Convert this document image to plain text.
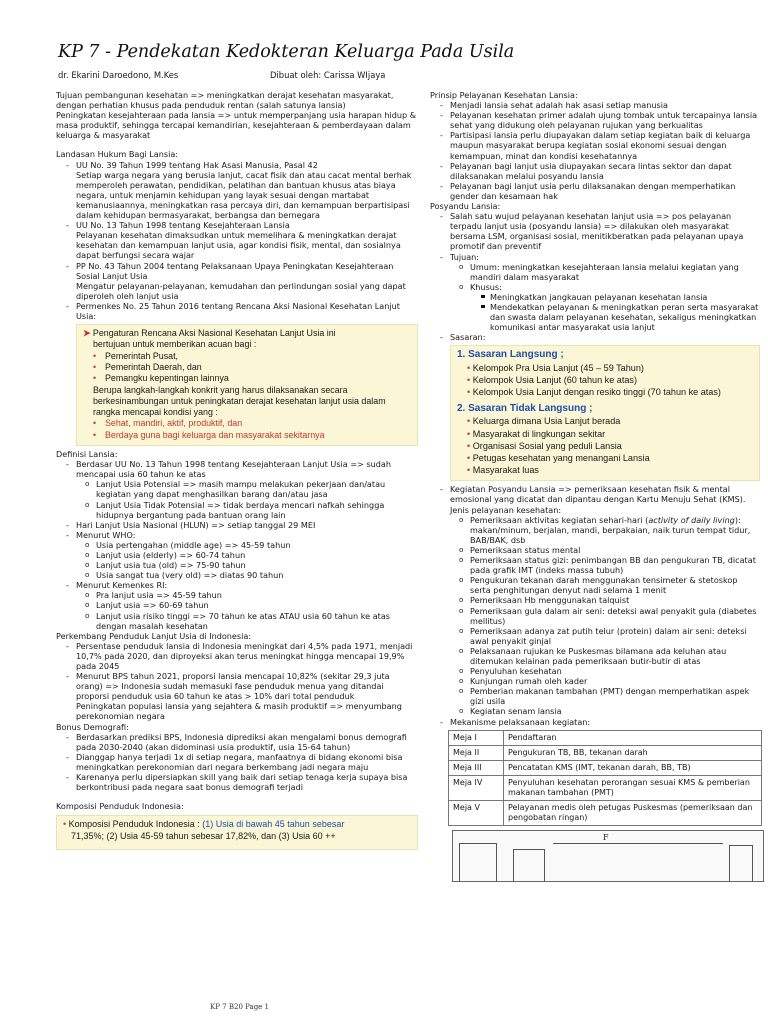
KP 7 - Pendekatan Kedokteran Keluarga Pada Usila
dr. Ekarini Daroedono, M.Kes	Dibuat oleh: Carissa WIjaya

Tujuan pembangunan kesehatan => meningkatkan derajat kesehatan masyarakat, dengan perhatian khusus pada penduduk rentan (salah satunya lansia)

Peningkatan kesejahteraan pada lansia => untuk memperpanjang usia harapan hidup & masa produktif, sehingga tercapai kemandirian, kesejahteraan & pemberdayaan dalam keluarga & masyarakat

Landasan Hukum Bagi Lansia:

- UU No. 39 Tahun 1999 tentang Hak Asasi Manusia, Pasal 42
Setiap warga negara yang berusia lanjut, cacat fisik dan atau cacat mental berhak memperoleh perawatan, pendidikan, pelatihan dan bantuan khusus atas biaya negara, untuk menjamin kehidupan yang layak sesuai dengan martabat kemanusiaannya, meningkatkan rasa percaya diri, dan kemampuan berpartisipasi dalam kehidupan bermasyarakat, berbangsa dan bernegara
- UU No. 13 Tahun 1998 tentang Kesejahteraan Lansia
Pelayanan kesehatan dimaksudkan untuk memelihara & meningkatkan derajat kesehatan dan kemampuan lanjut usia, agar kondisi fisik, mental, dan sosialnya dapat berfungsi secara wajar
- PP No. 43 Tahun 2004 tentang Pelaksanaan Upaya Peningkatan Kesejahteraan Sosial Lanjut Usia
Mengatur pelayanan-pelayanan, kemudahan dan perlindungan sosial yang dapat diperoleh oleh lanjut usia
- Permenkes No. 25 Tahun 2016 tentang Rencana Aksi Nasional Kesehatan Lanjut Usia:
➤ Pengaturan Rencana Aksi Nasional Kesehatan Lanjut Usia ini
bertujuan untuk memberikan acuan bagi :
• Pemerintah Pusat,
• Pemerintah Daerah, dan
• Pemangku kepentingan lainnya
Berupa langkah-langkah konkrit yang harus dilaksanakan secara berkesinambungan untuk peningkatan derajat kesehatan lanjut usia dalam rangka mencapai kondisi yang :
• Sehat, mandiri, aktif, produktif, dan
• Berdaya guna bagi keluarga dan masyarakat sekitarnya

Definisi Lansia:

- Berdasar UU No. 13 Tahun 1998 tentang Kesejahteraan Lanjut Usia => sudah mencapai usia 60 tahun ke atas
o Lanjut Usia Potensial => masih mampu melakukan pekerjaan dan/atau kegiatan yang dapat menghasilkan barang dan/atau jasa
o Lanjut Usia Tidak Potensial => tidak berdaya mencari nafkah sehingga hidupnya bergantung pada bantuan orang lain
- Hari Lanjut Usia Nasional (HLUN) => setiap tanggal 29 MEI
- Menurut WHO:
o Usia pertengahan (middle age) => 45-59 tahun
o Lanjut usia (elderly) => 60-74 tahun
o Lanjut usia tua (old) => 75-90 tahun
o Usia sangat tua (very old) => diatas 90 tahun
- Menurut Kemenkes RI:
o Pra lanjut usia => 45-59 tahun
o Lanjut usia => 60-69 tahun
o Lanjut usia risiko tinggi => 70 tahun ke atas ATAU usia 60 tahun ke atas dengan masalah kesehatan

Perkembang Penduduk Lanjut Usia di Indonesia:

- Persentase penduduk lansia di Indonesia meningkat dari 4,5% pada 1971, menjadi 10,7% pada 2020, dan diproyeksi akan terus meningkat hingga mencapai 19,9% pada 2045
- Menurut BPS tahun 2021, proporsi lansia mencapai 10,82% (sekitar 29,3 juta orang) => Indonesia sudah memasuki fase penduduk menua yang ditandai proporsi penduduk usia 60 tahun ke atas > 10% dari total penduduk
Peningkatan populasi lansia yang sejahtera & masih produktif => menyumbang perekonomian negara

Bonus Demografi:

- Berdasarkan prediksi BPS, Indonesia diprediksi akan mengalami bonus demografi pada 2030-2040 (akan didominasi usia produktif, usia 15-64 tahun)
- Dianggap hanya terjadi 1x di setiap negara, manfaatnya di bidang ekonomi bisa meningkatkan perekonomian dari negara berkembang jadi negara maju
- Karenanya perlu dipersiapkan skill yang baik dari setiap tenaga kerja supaya bisa berkontribusi pada negara saat bonus demografi terjadi

Komposisi Penduduk Indonesia:

• Komposisi Penduduk Indonesia : (1) Usia di bawah 45 tahun sebesar
71,35%; (2) Usia 45-59 tahun sebesar 17,82%, dan (3) Usia 60 ++

Prinsip Pelayanan Kesehatan Lansia:

- Menjadi lansia sehat adalah hak asasi setiap manusia
- Pelayanan kesehatan primer adalah ujung tombak untuk tercapainya lansia sehat yang didukung oleh pelayanan rujukan yang berkualitas
- Partisipasi lansia perlu diupayakan dalam setiap kegiatan baik di keluarga maupun masyarakat berupa kegiatan sosial ekonomi sesuai dengan kemampuan, minat dan kondisi kesehatannya
- Pelayanan bagi lanjut usia diupayakan secara lintas sektor dan dapat dilaksanakan melalui posyandu lansia
- Pelayanan bagi lanjut usia perlu dilaksanakan dengan memperhatikan gender dan kesamaan hak

Posyandu Lansia:

- Salah satu wujud pelayanan kesehatan lanjut usia => pos pelayanan terpadu lanjut usia (posyandu lansia) => dilakukan oleh masyarakat bersama LSM, organisasi sosial, menitikberatkan pada pelayanan upaya promotif dan preventif
- Tujuan:
o Umum: meningkatkan kesejahteraan lansia melalui kegiatan yang mandiri dalam masyarakat
o Khusus:
Meningkatkan jangkauan pelayanan kesehatan lansia
Mendekatkan pelayanan & meningkatkan peran serta masyarakat dan swasta dalam pelayanan kesehatan, sekaligus meningkatkan komunikasi antar masyarakat usia lanjut
- Sasaran:
1. Sasaran Langsung ;
• Kelompok Pra Usia Lanjut (45 – 59 Tahun)
• Kelompok Usia Lanjut (60 tahun ke atas)
• Kelompok Usia Lanjut dengan resiko tinggi (70 tahun ke atas)
2. Sasaran Tidak Langsung ;
• Keluarga dimana Usia Lanjut berada
• Masyarakat di lingkungan sekitar
• Organisasi Sosial yang peduli Lansia
• Petugas kesehatan yang menangani Lansia
• Masyarakat luas
- Kegiatan Posyandu Lansia => pemeriksaan kesehatan fisik & mental emosional yang dicatat dan dipantau dengan Kartu Menuju Sehat (KMS). Jenis pelayanan kesehatan:
o Pemeriksaan aktivitas kegiatan sehari-hari (activity of daily living): makan/minum, berjalan, mandi, berpakaian, naik turun tempat tidur, BAB/BAK, dsb
o Pemeriksaan status mental
o Pemeriksaan status gizi: penimbangan BB dan pengukuran TB, dicatat pada grafik IMT (indeks massa tubuh)
o Pengukuran tekanan darah menggunakan tensimeter & stetoskop serta penghitungan denyut nadi selama 1 menit
o Pemeriksaan Hb menggunakan talquist
o Pemeriksaan gula dalam air seni: deteksi awal penyakit gula (diabetes mellitus)
o Pemeriksaan adanya zat putih telur (protein) dalam air seni: deteksi awal penyakit ginjal
o Pelaksanaan rujukan ke Puskesmas bilamana ada keluhan atau ditemukan kelainan pada pemeriksaan butir-butir di atas
o Penyuluhan kesehatan
o Kunjungan rumah oleh kader
o Pemberian makanan tambahan (PMT) dengan memperhatikan aspek gizi usila
o Kegiatan senam lansia
- Mekanisme pelaksanaan kegiatan:
Meja I	Pendaftaran
Meja II	Pengukuran TB, BB, tekanan darah
Meja III	Pencatatan KMS (IMT, tekanan darah, BB, TB)
Meja IV	Penyuluhan kesehatan perorangan sesuai KMS & pemberian makanan tambahan (PMT)
Meja V	Pelayanan medis oleh petugas Puskesmas (pemeriksaan dan pengobatan ringan)
F
KP 7 B20 Page 1
